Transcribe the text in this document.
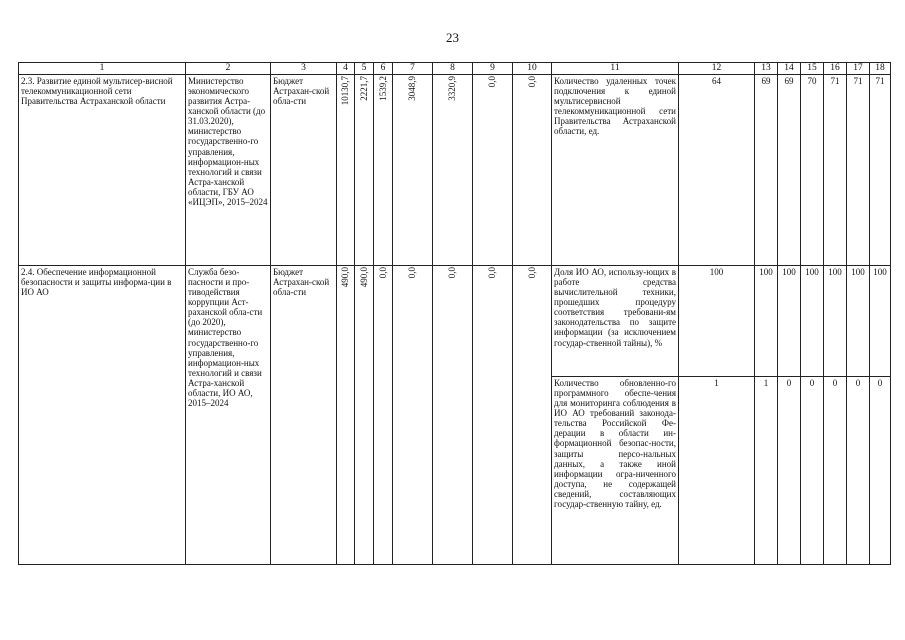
23
1	2	3	4	5	6	7	8	9	10	11	12	13	14	15	16	17	18
2.3. Развитие единой мультисер-висной телекоммуникационной сети Правительства Астраханской области	Министерство экономического развития Астра-ханской области (до 31.03.2020), министерство государственно-го управления, информацион-ных технологий и связи Астра-ханской области, ГБУ АО «ИЦЭП», 2015–2024	Бюджет Астрахан-ской обла-сти	10130,7	2221,7	1539,2	3048,9	3320,9	0,0	0,0	Количество удаленных точек подключения к единой мультисервисной телекоммуникационной сети Правительства Астраханской области, ед.	64	69	69	70	71	71	71
2.4. Обеспечение информационной безопасности и защиты информа-ции в ИО АО	Служба безо-пасности и про-тиводействия коррупции Аст-раханской обла-сти (до 2020), министерство государственно-го управления, информацион-ных технологий и связи Астра-ханской области, ИО АО, 2015–2024	Бюджет Астрахан-ской обла-сти	490,0	490,0	0,0	0,0	0,0	0,0	0,0	Доля ИО АО, использу-ющих в работе средства вычислительной техники, прошедших процедуру соответствия требовани-ям законодательства по защите информации (за исключением государ-ственной тайны), %	100	100	100	100	100	100	100
										Количество обновленно-го программного обеспе-чения для мониторинга соблюдения в ИО АО требований законода-тельства Российской Фе-дерации в области ин-формационной безопас-ности, защиты персо-нальных данных, а также иной информации огра-ниченного доступа, не содержащей сведений, составляющих государ-ственную тайну, ед.	1	1	0	0	0	0	0
